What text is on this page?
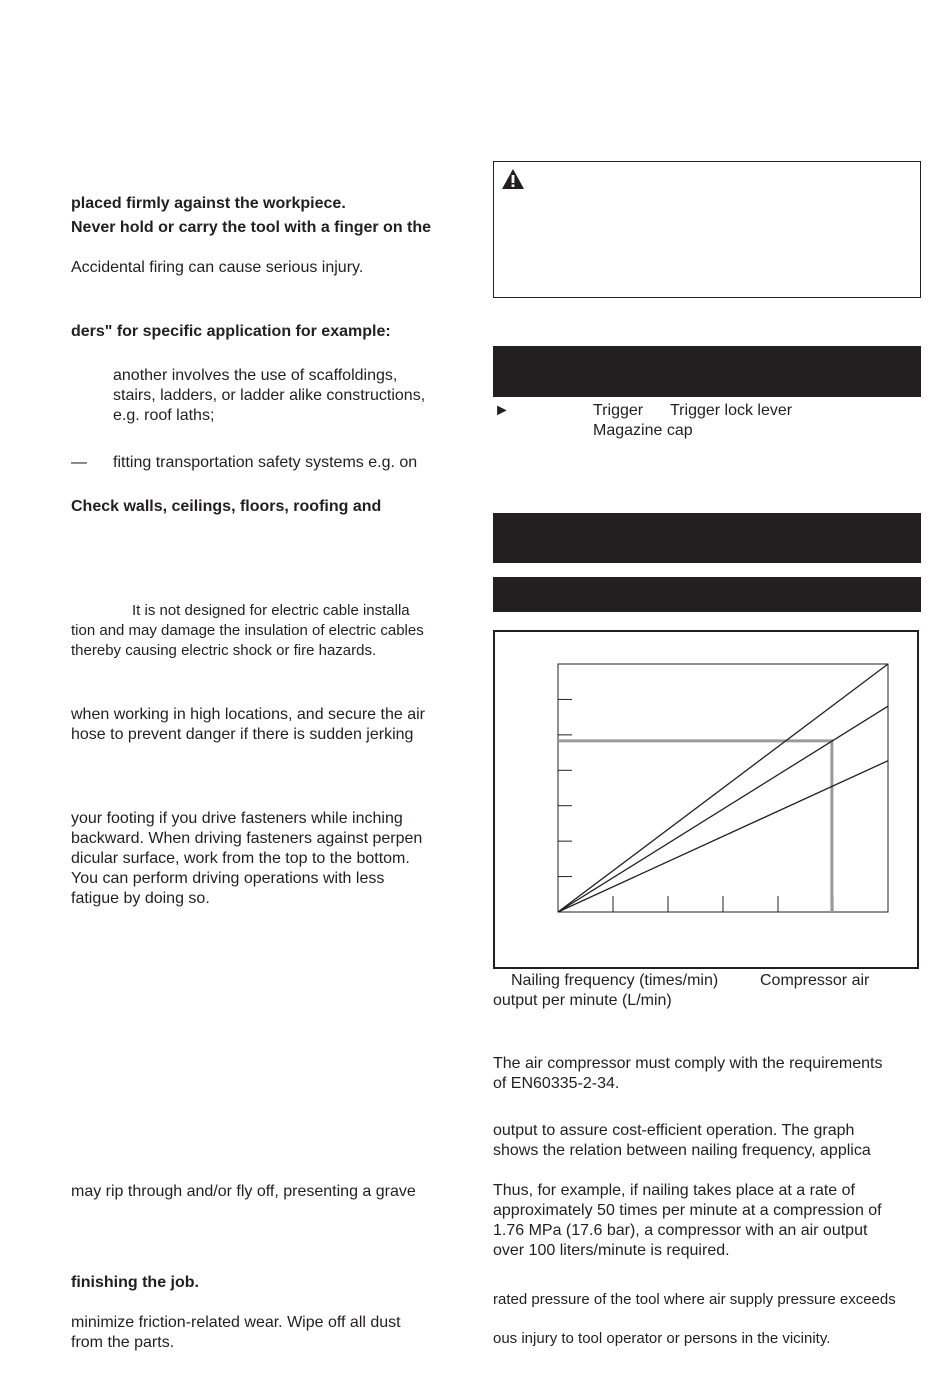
placed firmly against the workpiece.
Never hold or carry the tool with a finger on the
Accidental firing can cause serious injury.
ders" for specific application for example:
another involves the use of scaffoldings,
stairs, ladders, or ladder alike constructions,
e.g. roof laths;
— fitting transportation safety systems e.g. on
Check walls, ceilings, floors, roofing and
It is not designed for electric cable installa
tion and may damage the insulation of electric cables
thereby causing electric shock or fire hazards.
when working in high locations, and secure the air
hose to prevent danger if there is sudden jerking
your footing if you drive fasteners while inching
backward. When driving fasteners against perpen
dicular surface, work from the top to the bottom.
You can perform driving operations with less
fatigue by doing so.
may rip through and/or fly off, presenting a grave
finishing the job.
minimize friction-related wear. Wipe off all dust
from the parts.
►	Trigger Trigger lock lever
Magazine cap
Nailing frequency (times/min)	Compressor air
output per minute (L/min)
The air compressor must comply with the requirements
of EN60335-2-34.
output to assure cost-efficient operation. The graph
shows the relation between nailing frequency, applica
Thus, for example, if nailing takes place at a rate of
approximately 50 times per minute at a compression of
1.76 MPa (17.6 bar), a compressor with an air output
over 100 liters/minute is required.
rated pressure of the tool where air supply pressure exceeds
ous injury to tool operator or persons in the vicinity.
